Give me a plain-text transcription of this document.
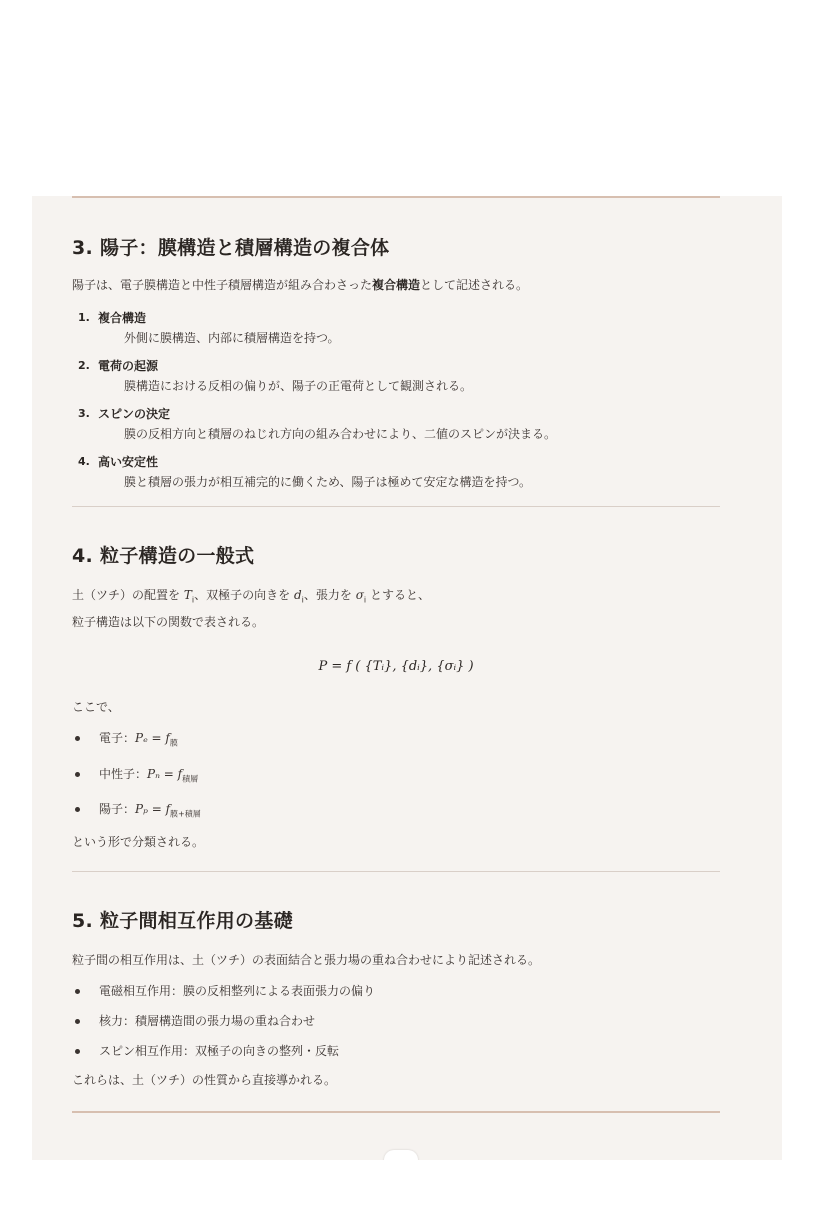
3. 陽子：膜構造と積層構造の複合体

陽子は、電子膜構造と中性子積層構造が組み合わさった複合構造として記述される。

1. 複合構造
外側に膜構造、内部に積層構造を持つ。
2. 電荷の起源
膜構造における反相の偏りが、陽子の正電荷として観測される。
3. スピンの決定
膜の反相方向と積層のねじれ方向の組み合わせにより、二値のスピンが決まる。
4. 高い安定性
膜と積層の張力が相互補完的に働くため、陽子は極めて安定な構造を持つ。
4. 粒子構造の一般式

土（ツチ）の配置を $T_i$、双極子の向きを $d_i$、張力を $\sigma_i$ とすると、

粒子構造は以下の関数で表される。

P = f ( {Tᵢ}, {dᵢ}, {σᵢ} )

ここで、

電子：$P_e = f_膜$
中性子：$P_n = f_{積層}$
陽子：$P_p = f_{膜+積層}$

という形で分類される。

5. 粒子間相互作用の基礎

粒子間の相互作用は、土（ツチ）の表面結合と張力場の重ね合わせにより記述される。

電磁相互作用：膜の反相整列による表面張力の偏り
核力：積層構造間の張力場の重ね合わせ
スピン相互作用：双極子の向きの整列・反転

これらは、土（ツチ）の性質から直接導かれる。
